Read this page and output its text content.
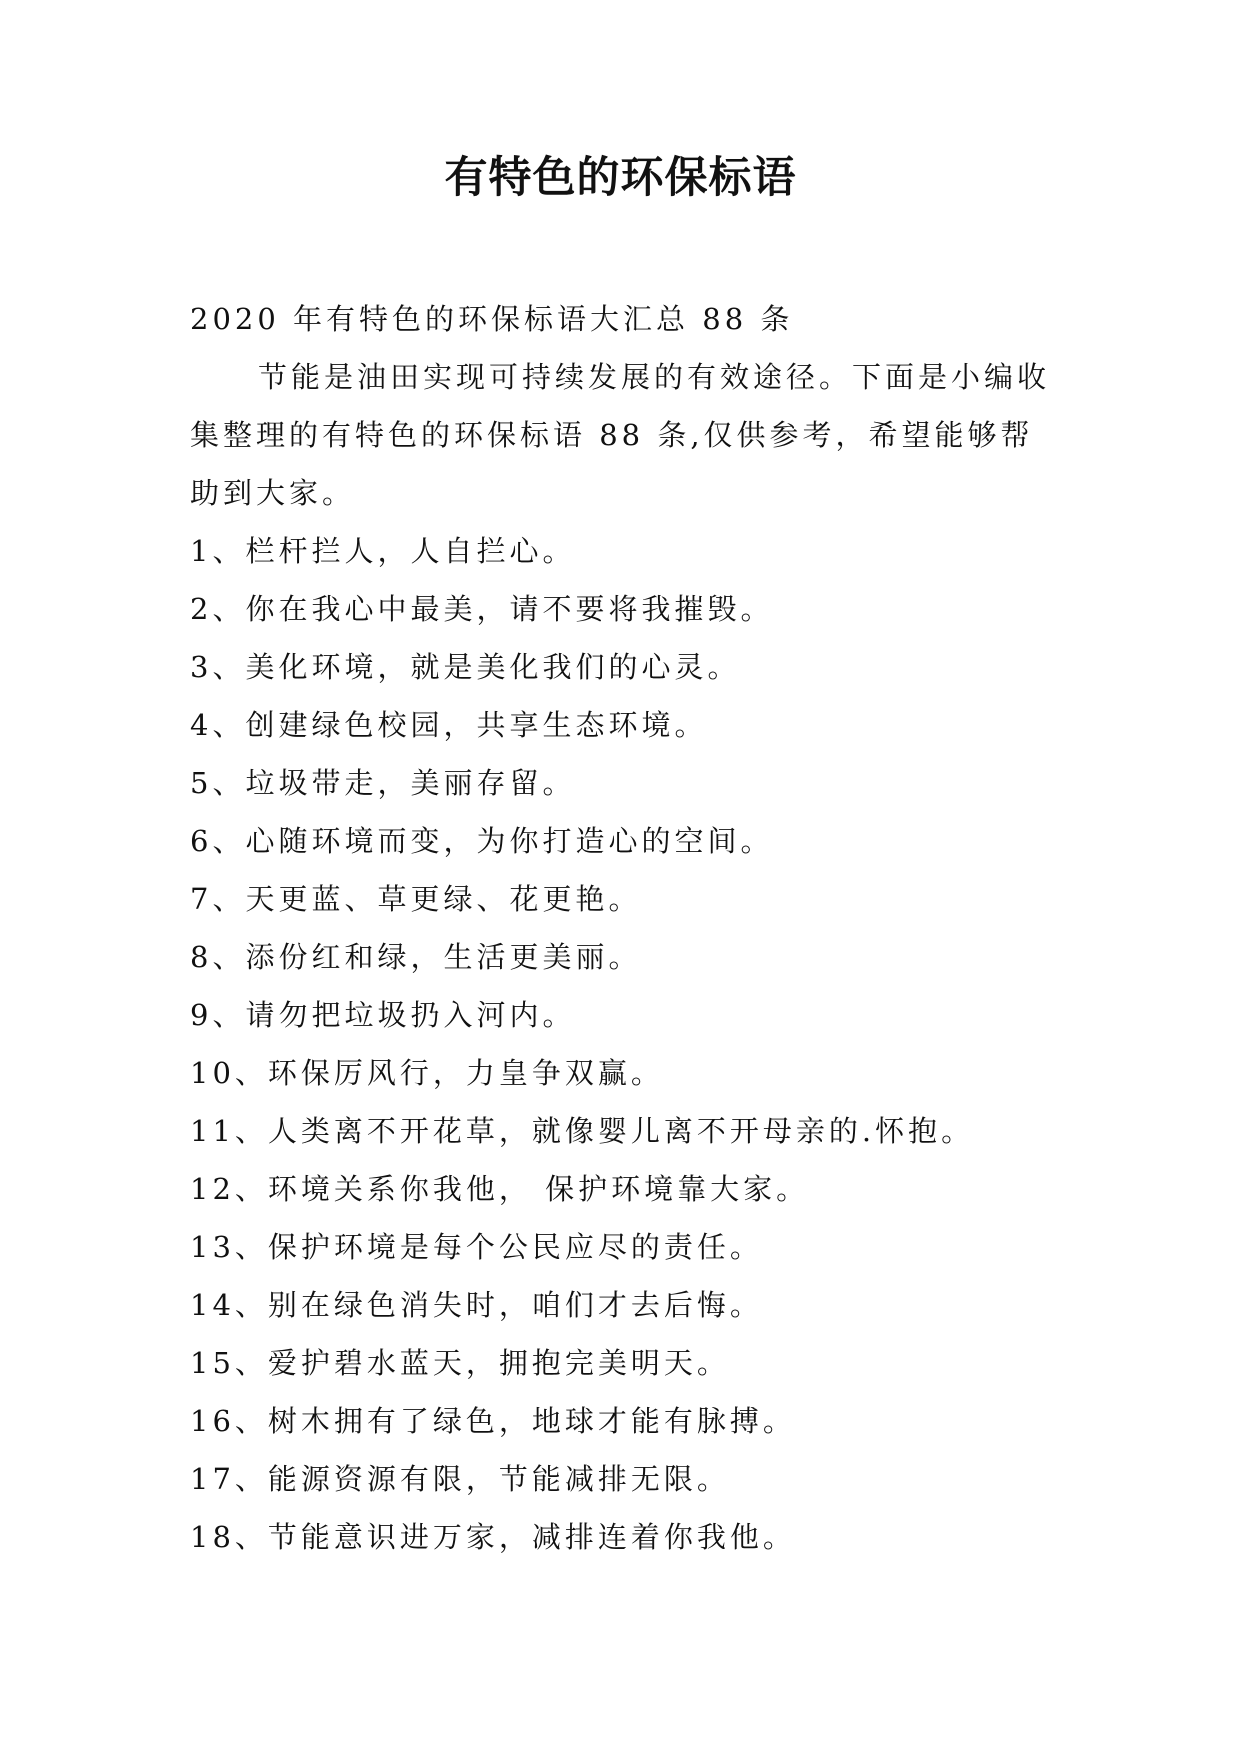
有特色的环保标语
2020 年有特色的环保标语大汇总 88 条
节能是油田实现可持续发展的有效途径。下面是小编收集整理的有特色的环保标语 88 条,仅供参考，希望能够帮助到大家。
1、栏杆拦人，人自拦心。
2、你在我心中最美，请不要将我摧毁。
3、美化环境，就是美化我们的心灵。
4、创建绿色校园，共享生态环境。
5、垃圾带走，美丽存留。
6、心随环境而变，为你打造心的空间。
7、天更蓝、草更绿、花更艳。
8、添份红和绿，生活更美丽。
9、请勿把垃圾扔入河内。
10、环保厉风行，力皇争双赢。
11、人类离不开花草，就像婴儿离不开母亲的.怀抱。
12、环境关系你我他， 保护环境靠大家。
13、保护环境是每个公民应尽的责任。
14、别在绿色消失时，咱们才去后悔。
15、爱护碧水蓝天，拥抱完美明天。
16、树木拥有了绿色，地球才能有脉搏。
17、能源资源有限，节能减排无限。
18、节能意识进万家，减排连着你我他。
